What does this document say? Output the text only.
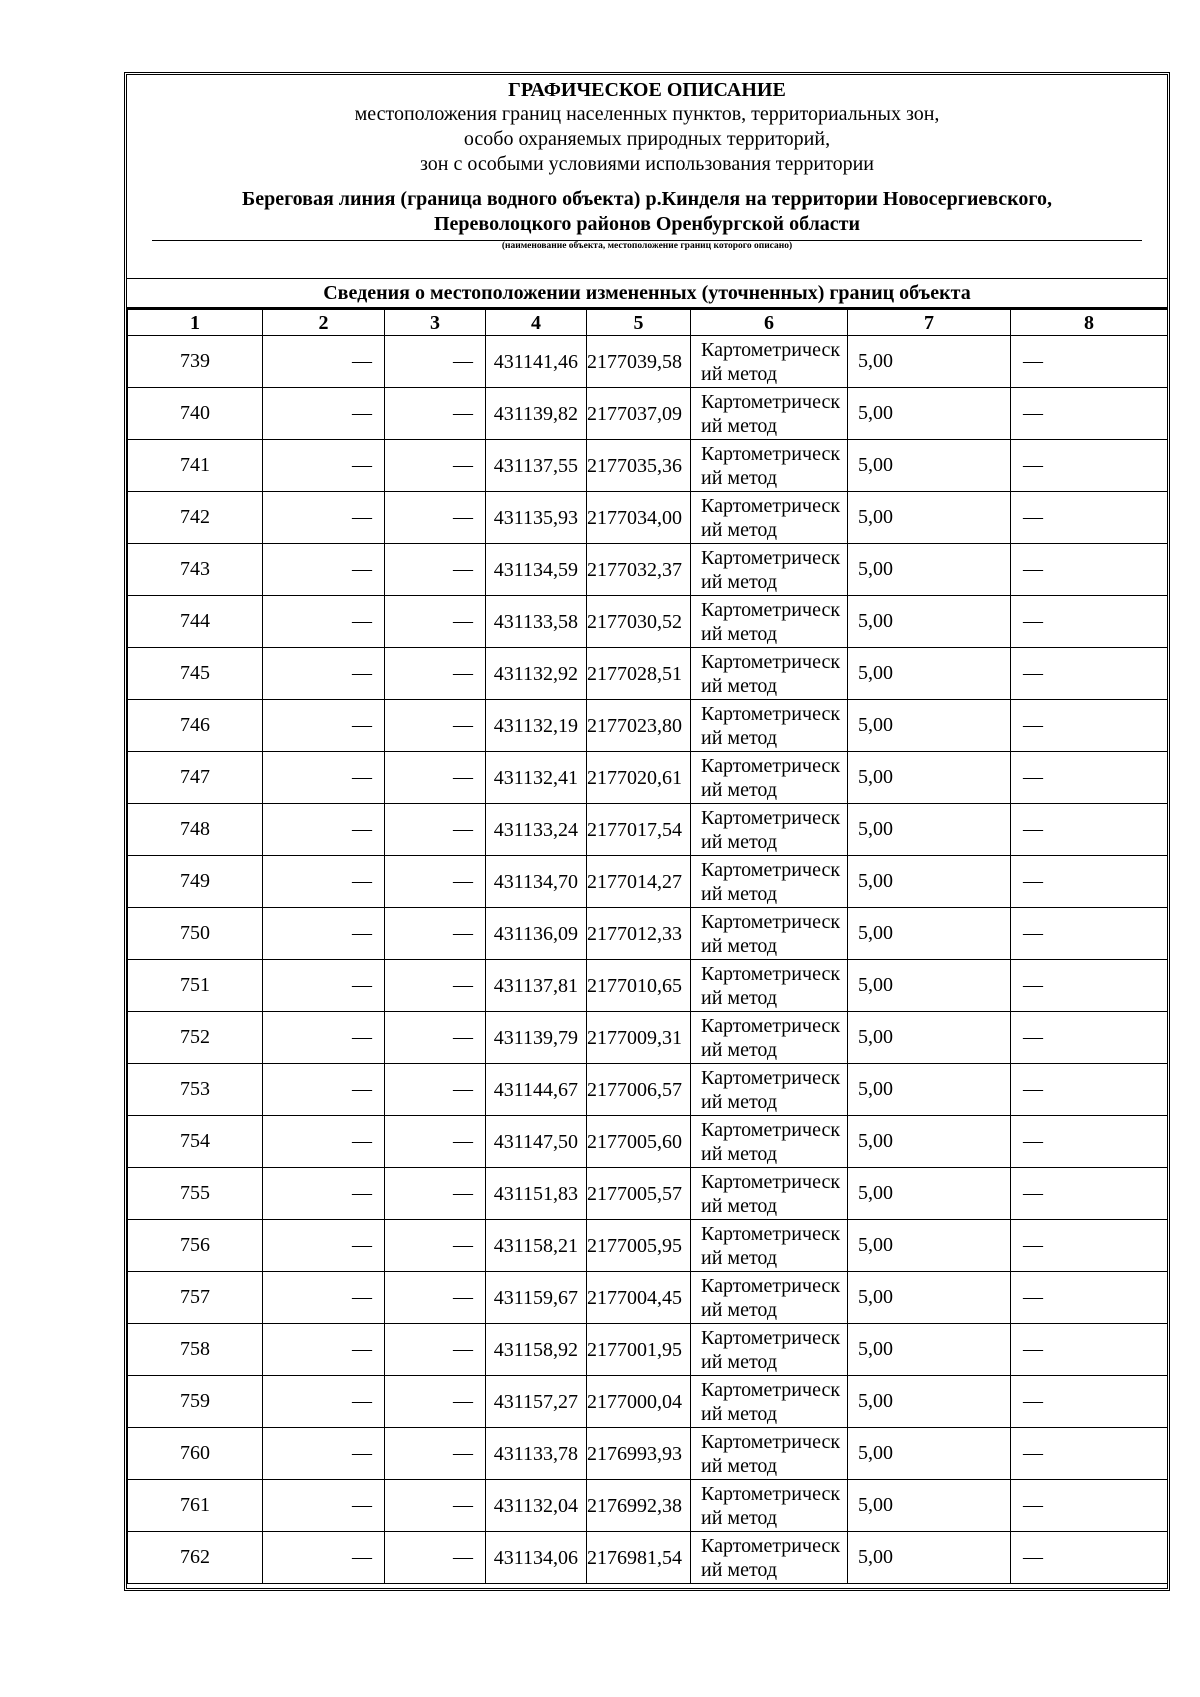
ГРАФИЧЕСКОЕ ОПИСАНИЕ
местоположения границ населенных пунктов, территориальных зон,
особо охраняемых природных территорий,
зон с особыми условиями использования территории
Береговая линия (граница водного объекта) р.Киндeля на территории Новосергиевского,
Переволоцкого районов Оренбургской области
(наименование объекта, местоположение границ которого описано)
Сведения о местоположении измененных (уточненных) границ объекта
1	2	3	4	5	6	7	8
739	—	—	431141,46	2177039,58	Картометрический метод	5,00	—
740	—	—	431139,82	2177037,09	Картометрический метод	5,00	—
741	—	—	431137,55	2177035,36	Картометрический метод	5,00	—
742	—	—	431135,93	2177034,00	Картометрический метод	5,00	—
743	—	—	431134,59	2177032,37	Картометрический метод	5,00	—
744	—	—	431133,58	2177030,52	Картометрический метод	5,00	—
745	—	—	431132,92	2177028,51	Картометрический метод	5,00	—
746	—	—	431132,19	2177023,80	Картометрический метод	5,00	—
747	—	—	431132,41	2177020,61	Картометрический метод	5,00	—
748	—	—	431133,24	2177017,54	Картометрический метод	5,00	—
749	—	—	431134,70	2177014,27	Картометрический метод	5,00	—
750	—	—	431136,09	2177012,33	Картометрический метод	5,00	—
751	—	—	431137,81	2177010,65	Картометрический метод	5,00	—
752	—	—	431139,79	2177009,31	Картометрический метод	5,00	—
753	—	—	431144,67	2177006,57	Картометрический метод	5,00	—
754	—	—	431147,50	2177005,60	Картометрический метод	5,00	—
755	—	—	431151,83	2177005,57	Картометрический метод	5,00	—
756	—	—	431158,21	2177005,95	Картометрический метод	5,00	—
757	—	—	431159,67	2177004,45	Картометрический метод	5,00	—
758	—	—	431158,92	2177001,95	Картометрический метод	5,00	—
759	—	—	431157,27	2177000,04	Картометрический метод	5,00	—
760	—	—	431133,78	2176993,93	Картометрический метод	5,00	—
761	—	—	431132,04	2176992,38	Картометрический метод	5,00	—
762	—	—	431134,06	2176981,54	Картометрический метод	5,00	—
